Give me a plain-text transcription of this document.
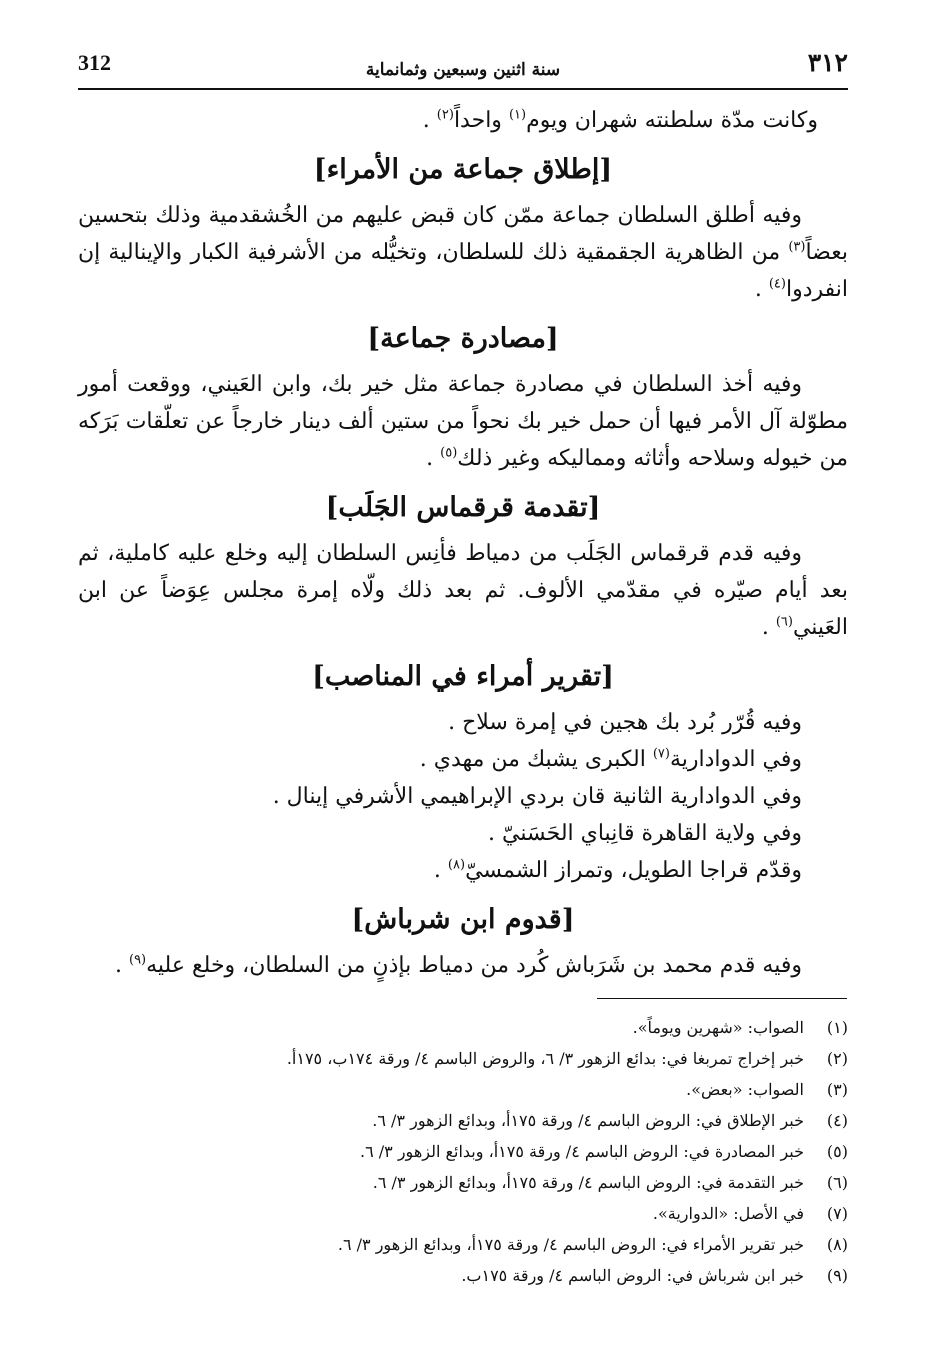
312	سنة اثنين وسبعين وثمانماية	٣١٢

وكانت مدّة سلطنته شهران ويوم$^{(١)}$ واحداً$^{(٢)}$ .

[إطلاق جماعة من الأمراء]

وفيه أطلق السلطان جماعة ممّن كان قبض عليهم من الخُشقدمية وذلك بتحسين بعضاً$^{(٣)}$ من الظاهرية الجقمقية ذلك للسلطان، وتخيُّله من الأشرفية الكبار والإينالية إن انفردوا$^{(٤)}$ .

[مصادرة جماعة]

وفيه أخذ السلطان في مصادرة جماعة مثل خير بك، وابن العَيني، ووقعت أمور مطوّلة آل الأمر فيها أن حمل خير بك نحواً من ستين ألف دينار خارجاً عن تعلّقات بَرَكه من خيوله وسلاحه وأثاثه ومماليكه وغير ذلك$^{(٥)}$ .

[تقدمة قرقماس الجَلَب]

وفيه قدم قرقماس الجَلَب من دمياط فأنِس السلطان إليه وخلع عليه كاملية، ثم بعد أيام صيّره في مقدّمي الألوف. ثم بعد ذلك ولّاه إمرة مجلس عِوَضاً عن ابن العَيني$^{(٦)}$ .

[تقرير أمراء في المناصب]

وفيه قُرّر بُرد بك هجين في إمرة سلاح .

وفي الدوادارية$^{(٧)}$ الكبرى يشبك من مهدي .

وفي الدوادارية الثانية قان بردي الإبراهيمي الأشرفي إينال .

وفي ولاية القاهرة قانِباي الحَسَنيّ .

وقدّم قراجا الطويل، وتمراز الشمسيّ$^{(٨)}$ .

[قدوم ابن شرباش]

وفيه قدم محمد بن شَرَباش كُرد من دمياط بإذنٍ من السلطان، وخلع عليه$^{(٩)}$ .

(١)
الصواب: «شهرين ويوماً».
(٢)
خبر إخراج تمربغا في: بدائع الزهور ٣/ ٦، والروض الباسم ٤/ ورقة ١٧٤ب، ١٧٥أ.
(٣)
الصواب: «بعض».
(٤)
خبر الإطلاق في: الروض الباسم ٤/ ورقة ١٧٥أ، وبدائع الزهور ٣/ ٦.
(٥)
خبر المصادرة في: الروض الباسم ٤/ ورقة ١٧٥أ، وبدائع الزهور ٣/ ٦.
(٦)
خبر التقدمة في: الروض الباسم ٤/ ورقة ١٧٥أ، وبدائع الزهور ٣/ ٦.
(٧)
في الأصل: «الدوارية».
(٨)
خبر تقرير الأمراء في: الروض الباسم ٤/ ورقة ١٧٥أ، وبدائع الزهور ٣/ ٦.
(٩)
خبر ابن شرباش في: الروض الباسم ٤/ ورقة ١٧٥ب.
